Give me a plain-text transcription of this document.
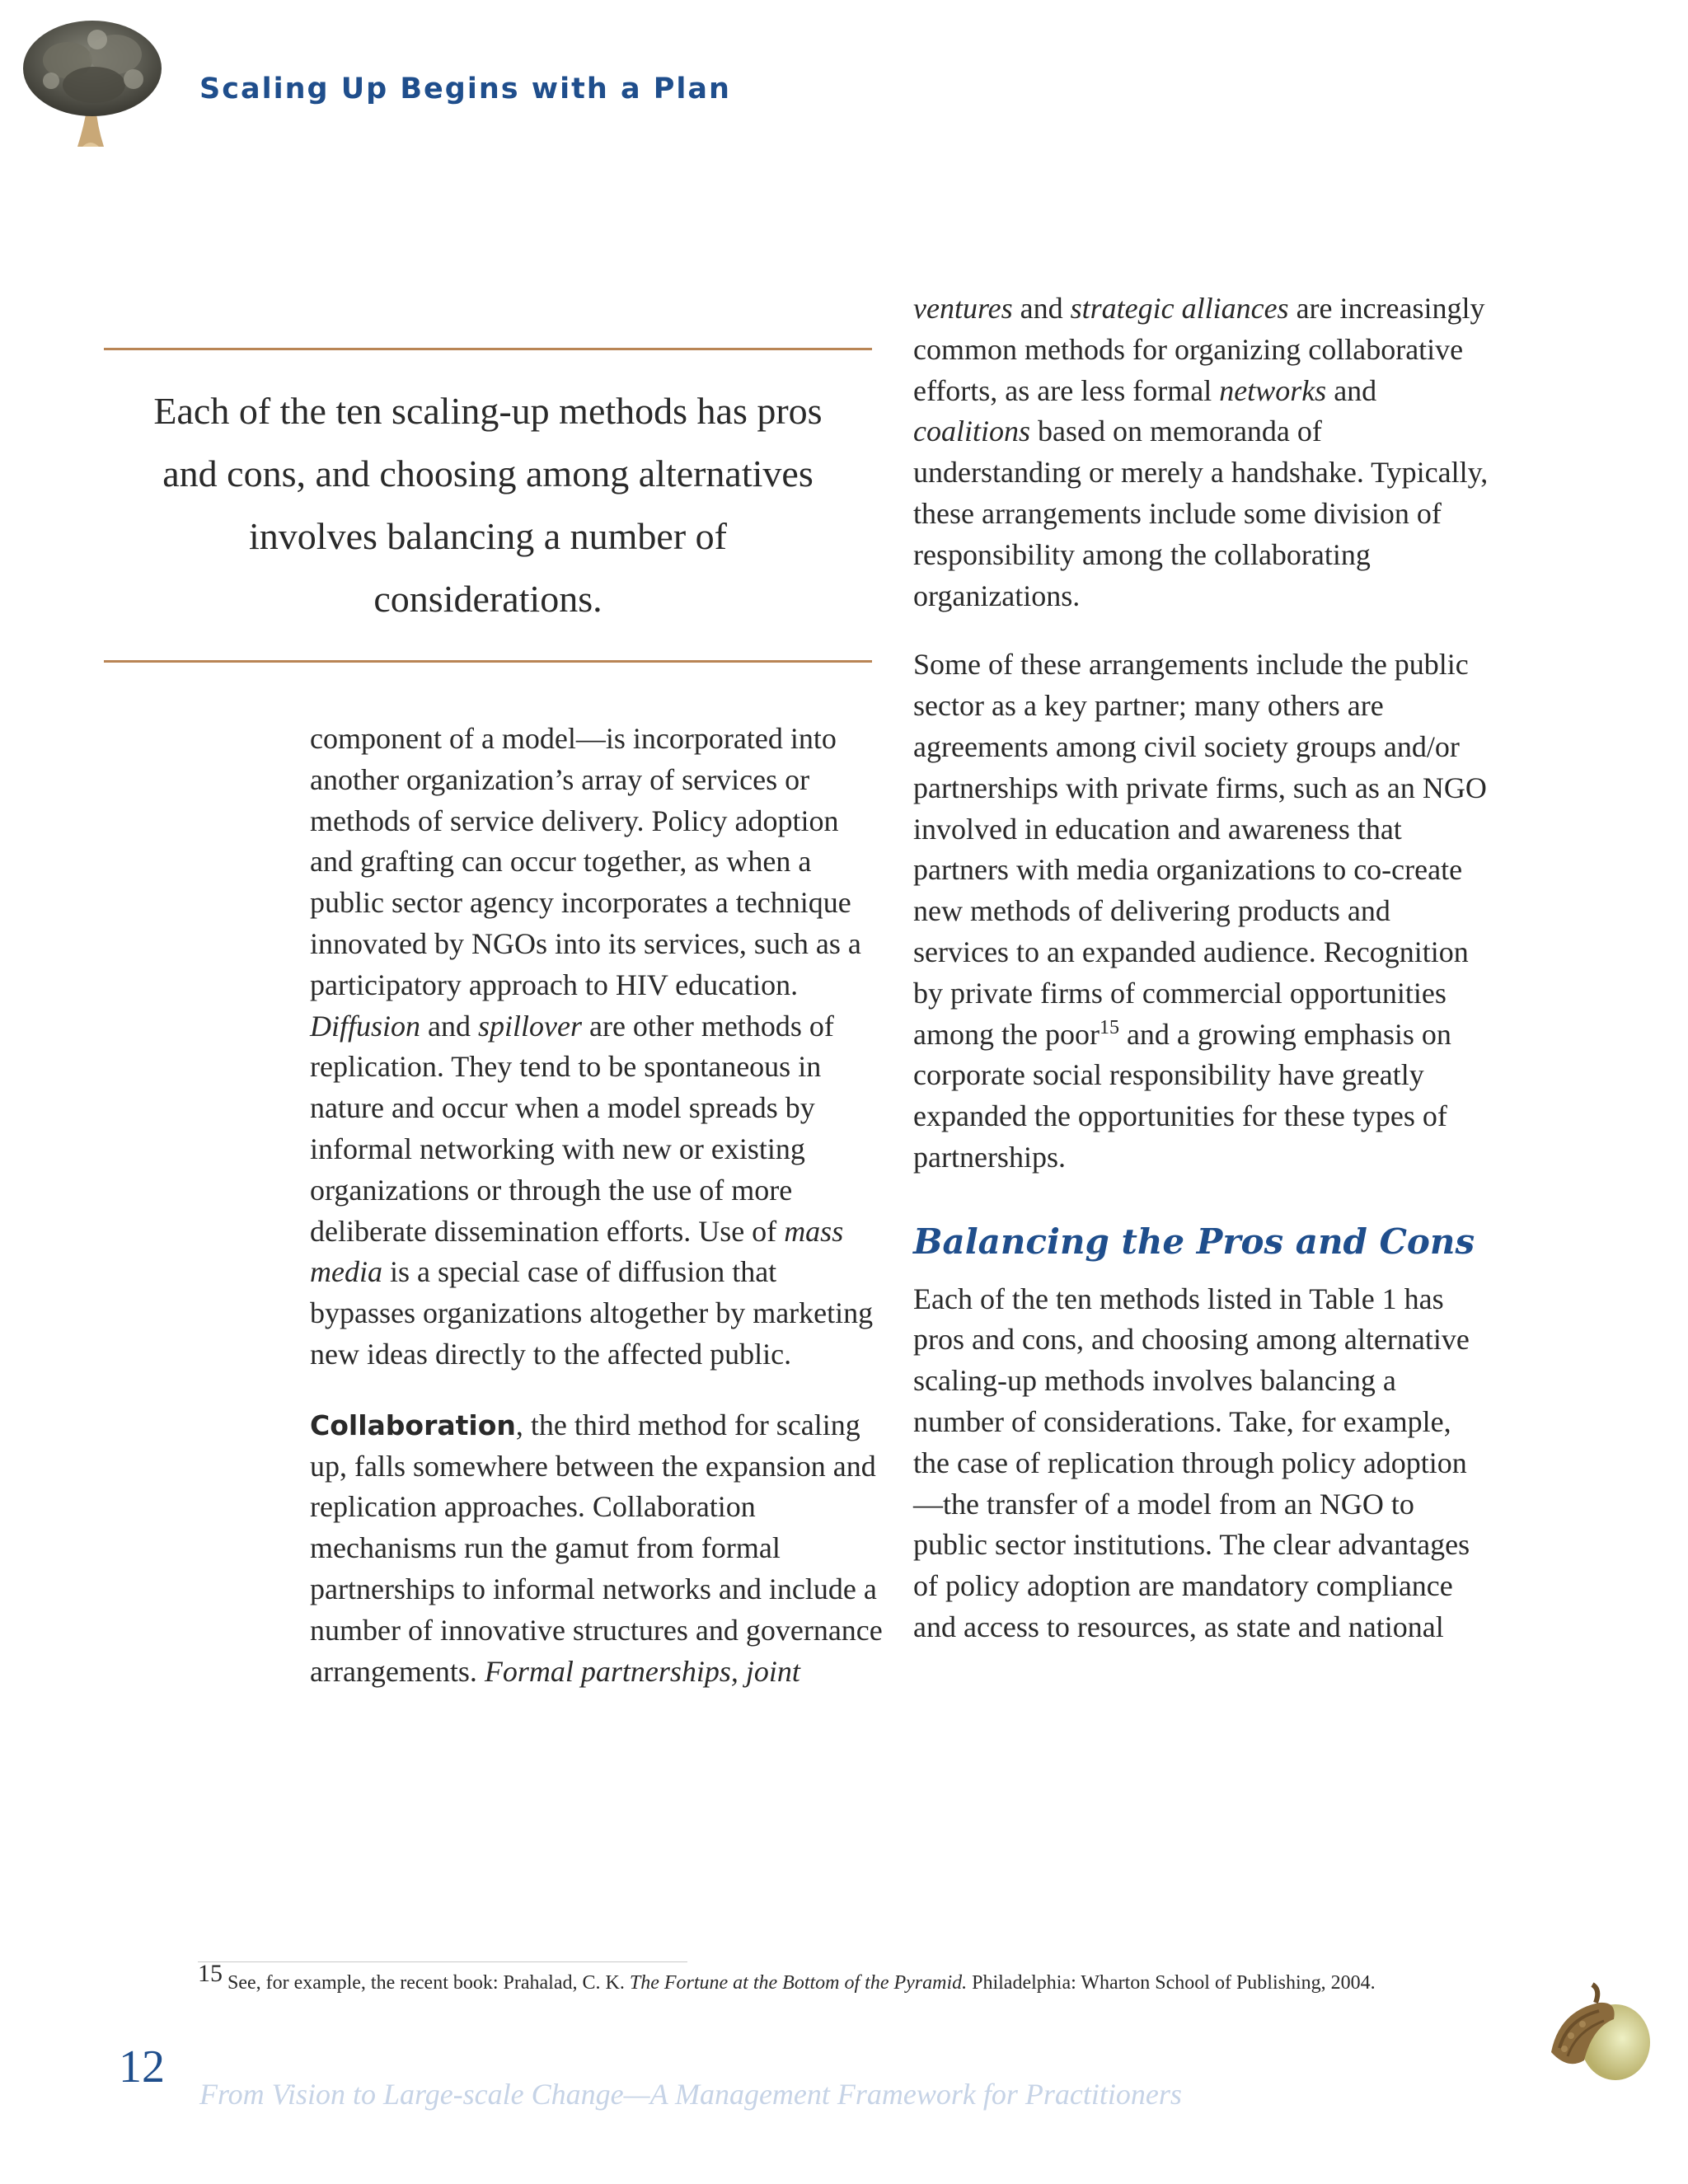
Scaling Up Begins with a Plan
Each of the ten scaling-up methods has pros and cons, and choosing among alternatives involves balancing a number of considerations.

component of a model—is incorporated into another organization’s array of services or methods of service delivery. Policy adoption and grafting can occur together, as when a public sector agency incorporates a technique innovated by NGOs into its services, such as a participatory approach to HIV education. Diffusion and spillover are other methods of replication. They tend to be spontaneous in nature and occur when a model spreads by informal networking with new or existing organizations or through the use of more deliberate dissemination efforts. Use of mass media is a special case of diffusion that bypasses organizations altogether by marketing new ideas directly to the affected public.

Collaboration, the third method for scaling up, falls somewhere between the expansion and replication approaches. Collaboration mechanisms run the gamut from formal partnerships to informal networks and include a number of innovative structures and governance arrangements. Formal partnerships, joint

ventures and strategic alliances are increasingly common methods for organizing collaborative efforts, as are less formal networks and coalitions based on memoranda of understanding or merely a handshake. Typically, these arrangements include some division of responsibility among the collaborating organizations.

Some of these arrangements include the public sector as a key partner; many others are agreements among civil society groups and/or partnerships with private firms, such as an NGO involved in education and awareness that partners with media organizations to co-create new methods of delivering products and services to an expanded audience. Recognition by private firms of commercial opportunities among the poor$^{15}$ and a growing emphasis on corporate social responsibility have greatly expanded the opportunities for these types of partnerships.

Balancing the Pros and Cons

Each of the ten methods listed in Table 1 has pros and cons, and choosing among alternative scaling-up methods involves balancing a number of considerations. Take, for example, the case of replication through policy adoption—the transfer of a model from an NGO to public sector institutions. The clear advantages of policy adoption are mandatory compliance and access to resources, as state and national

$^{15}$ See, for example, the recent book: Prahalad, C. K. The Fortune at the Bottom of the Pyramid. Philadelphia: Wharton School of Publishing, 2004.
12
From Vision to Large-scale Change—A Management Framework for Practitioners
